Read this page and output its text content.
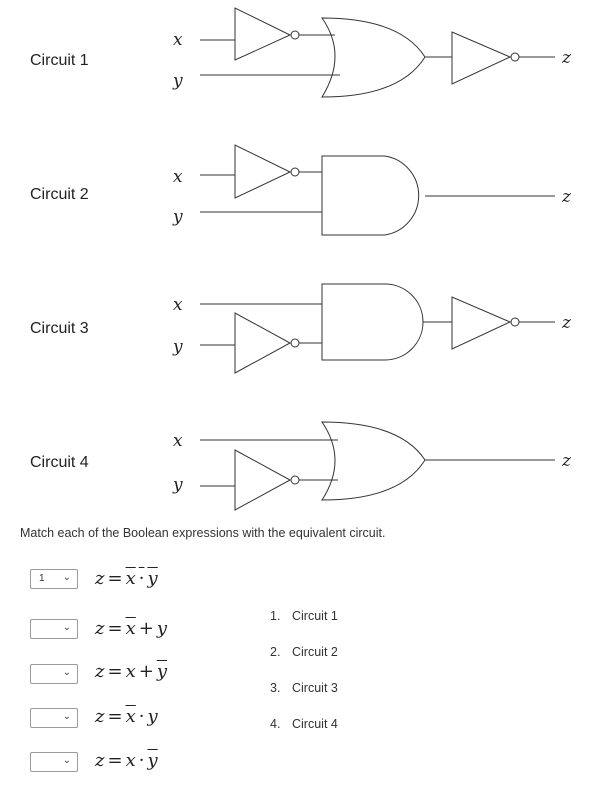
x
y
z
x
y
z
x
y
z
x
y
z
Circuit 1
Circuit 2
Circuit 3
Circuit 4
Match each of the Boolean expressions with the equivalent circuit.
1 ⌄ z = x · y
⌄ $z = \overline{x} + y$
⌄ $z = x + \overline{y}$
⌄ $z = \overline{x} \cdot y$
⌄ $z = x \cdot \overline{y}$
1. Circuit 1
2. Circuit 2
3. Circuit 3
4. Circuit 4
